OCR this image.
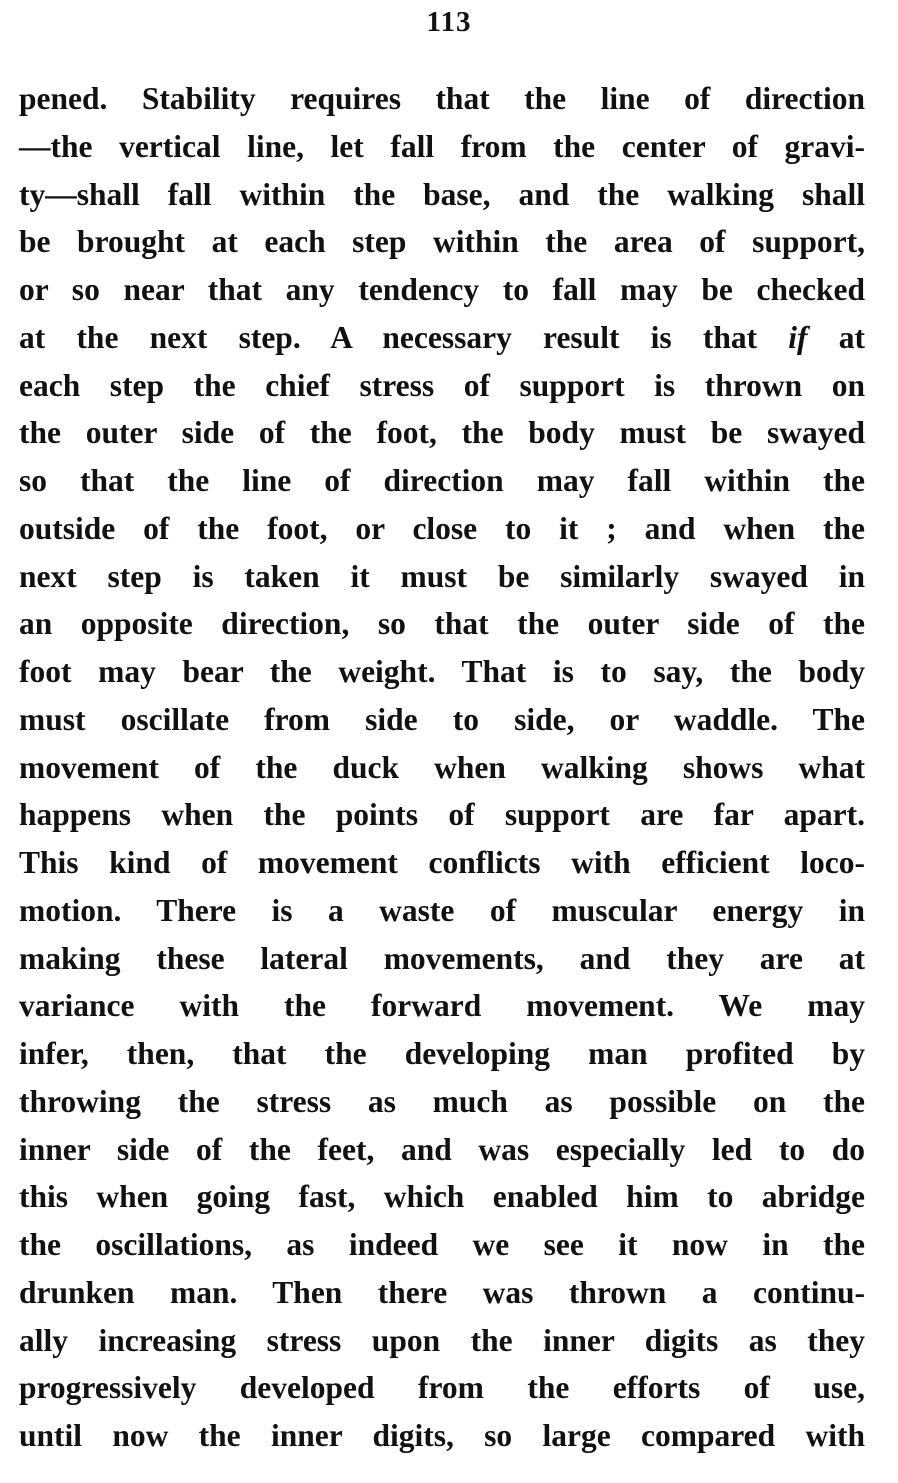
113
pened. Stability requires that the line of direction
—the vertical line, let fall from the center of gravi-
ty—shall fall within the base, and the walking shall
be brought at each step within the area of support,
or so near that any tendency to fall may be checked
at the next step. A necessary result is that if at
each step the chief stress of support is thrown on
the outer side of the foot, the body must be swayed
so that the line of direction may fall within the
outside of the foot, or close to it ; and when the
next step is taken it must be similarly swayed in
an opposite direction, so that the outer side of the
foot may bear the weight. That is to say, the body
must oscillate from side to side, or waddle. The
movement of the duck when walking shows what
happens when the points of support are far apart.
This kind of movement conflicts with efficient loco-
motion. There is a waste of muscular energy in
making these lateral movements, and they are at
variance with the forward movement. We may
infer, then, that the developing man profited by
throwing the stress as much as possible on the
inner side of the feet, and was especially led to do
this when going fast, which enabled him to abridge
the oscillations, as indeed we see it now in the
drunken man. Then there was thrown a continu-
ally increasing stress upon the inner digits as they
progressively developed from the efforts of use,
until now the inner digits, so large compared with
